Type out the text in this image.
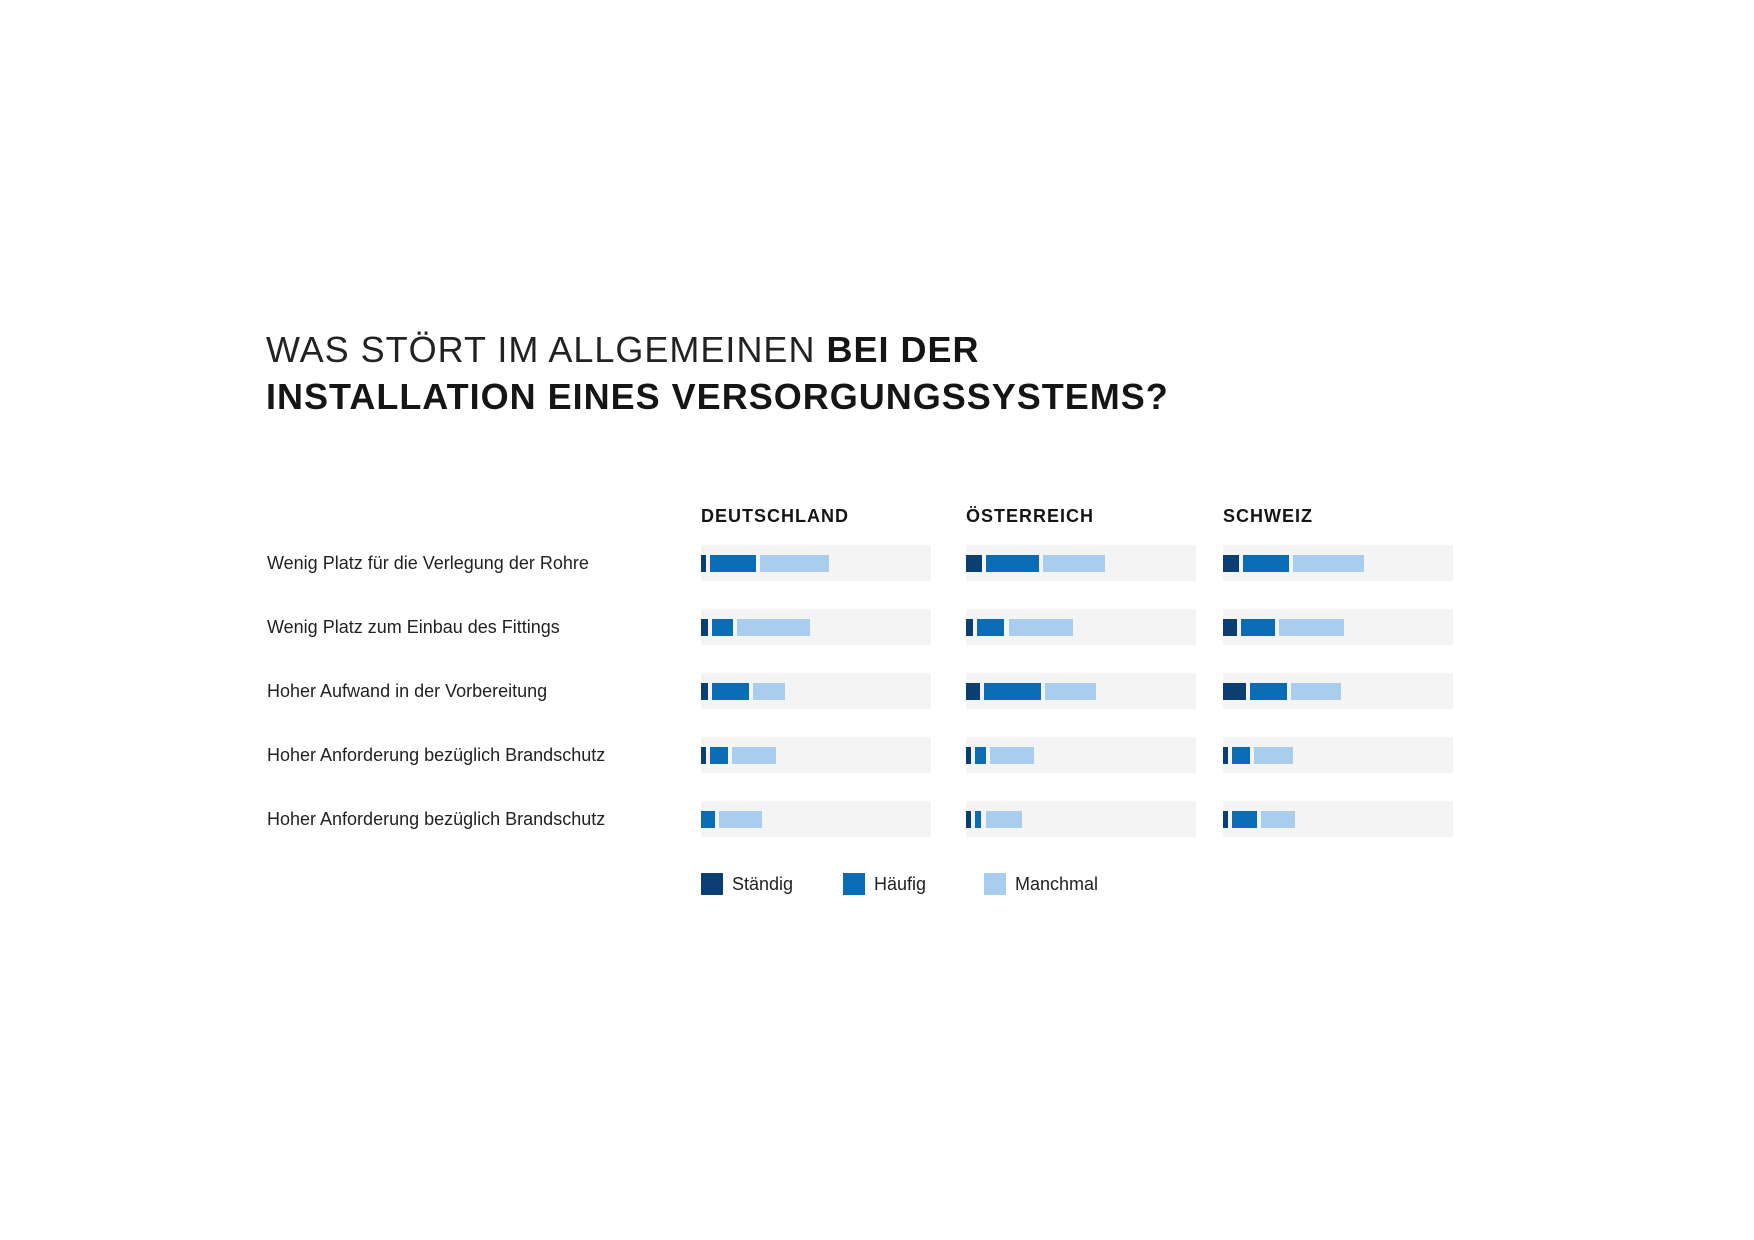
WAS STÖRT IM ALLGEMEINEN BEI DER
INSTALLATION EINES VERSORGUNGSSYSTEMS?
DEUTSCHLAND	ÖSTERREICH	SCHWEIZ
Wenig Platz für die Verlegung der Rohre
Wenig Platz zum Einbau des Fittings
Hoher Aufwand in der Vorbereitung
Hoher Anforderung bezüglich Brandschutz
Hoher Anforderung bezüglich Brandschutz
Ständig	Häufig	Manchmal
